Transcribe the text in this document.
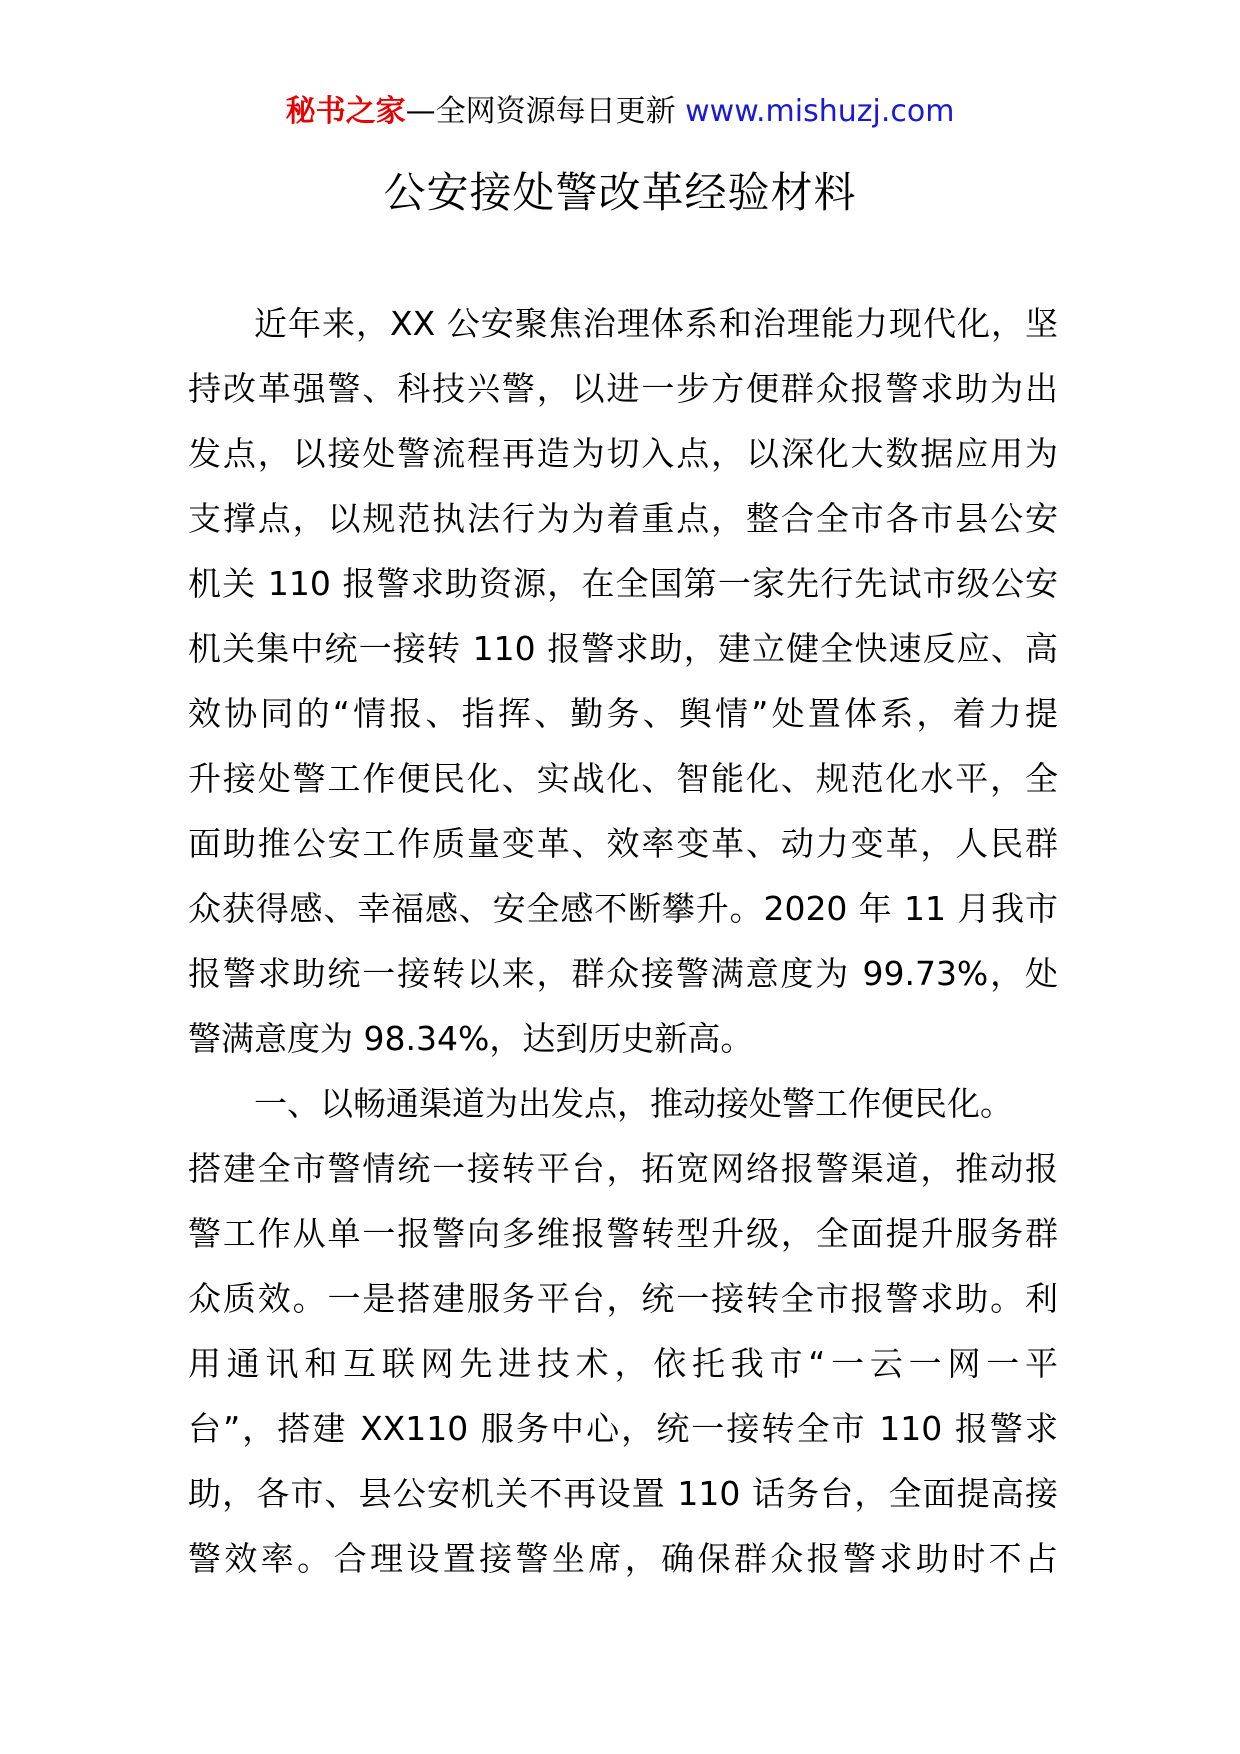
秘书之家—全网资源每日更新 www.mishuzj.com
公安接处警改革经验材料
近年来，XX 公安聚焦治理体系和治理能力现代化，坚
持改革强警、科技兴警，以进一步方便群众报警求助为出
发点，以接处警流程再造为切入点，以深化大数据应用为
支撑点，以规范执法行为为着重点，整合全市各市县公安
机关 110 报警求助资源，在全国第一家先行先试市级公安
机关集中统一接转 110 报警求助，建立健全快速反应、高
效协同的“情报、指挥、勤务、舆情”处置体系，着力提
升接处警工作便民化、实战化、智能化、规范化水平，全
面助推公安工作质量变革、效率变革、动力变革，人民群
众获得感、幸福感、安全感不断攀升。2020 年 11 月我市
报警求助统一接转以来，群众接警满意度为 99.73%，处
警满意度为 98.34%，达到历史新高。
一、以畅通渠道为出发点，推动接处警工作便民化。
搭建全市警情统一接转平台，拓宽网络报警渠道，推动报
警工作从单一报警向多维报警转型升级，全面提升服务群
众质效。一是搭建服务平台，统一接转全市报警求助。利
用通讯和互联网先进技术，依托我市“一云一网一平
台”，搭建 XX110 服务中心，统一接转全市 110 报警求
助，各市、县公安机关不再设置 110 话务台，全面提高接
警效率。合理设置接警坐席，确保群众报警求助时不占
